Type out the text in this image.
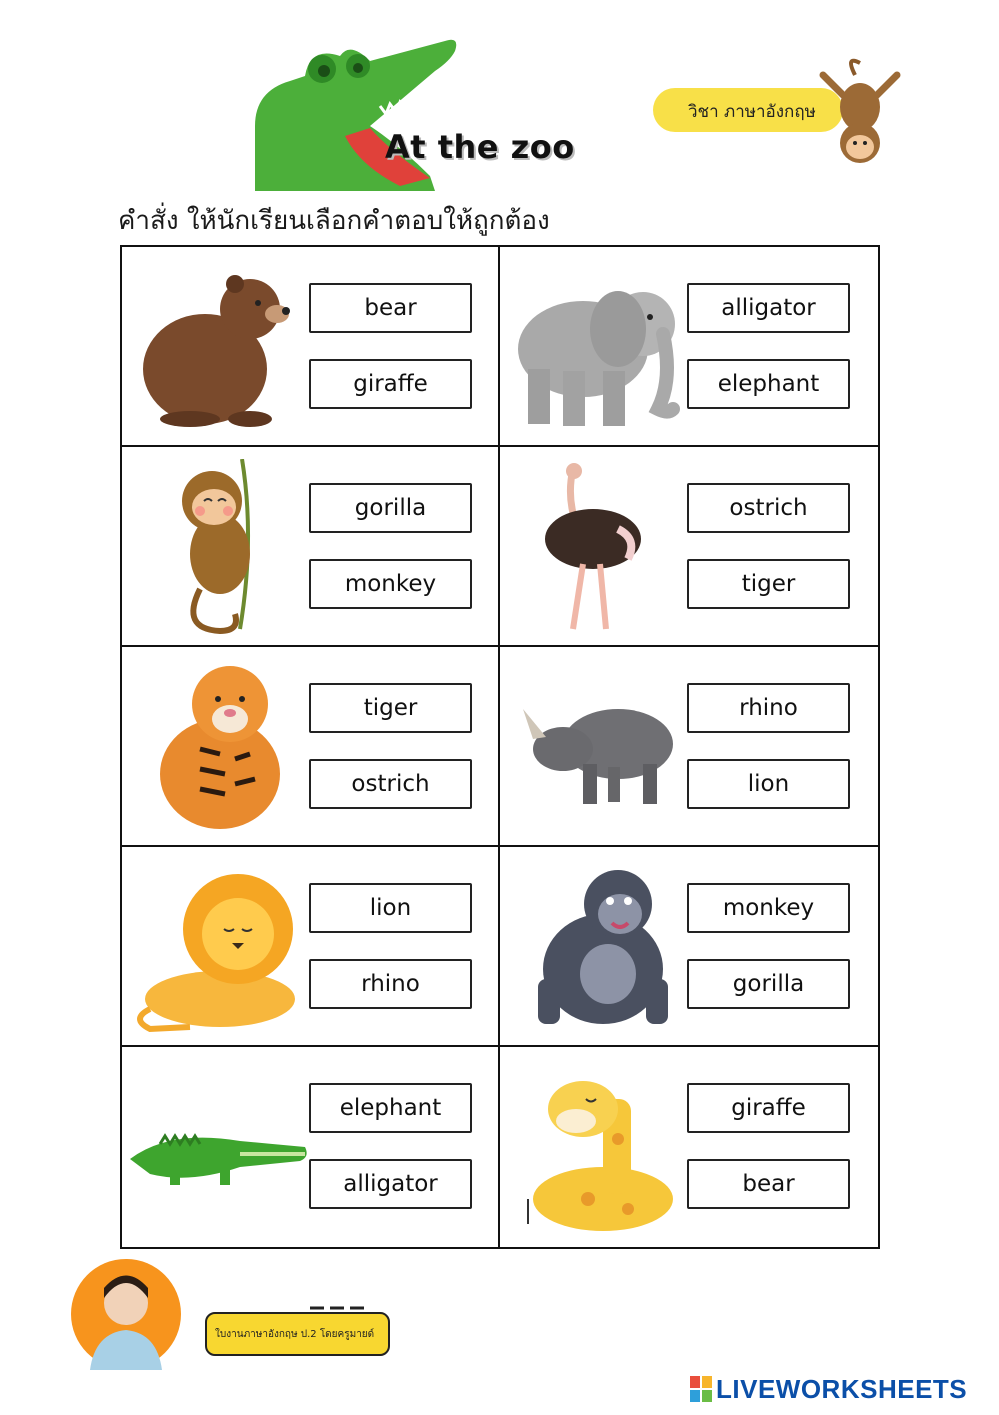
At the zoo
วิชา ภาษาอังกฤษ
คำสั่ง ให้นักเรียนเลือกคำตอบให้ถูกต้อง
bear
giraffe
alligator
elephant
gorilla
monkey
ostrich
tiger
tiger
ostrich
rhino
lion
lion
rhino
monkey
gorilla
elephant
alligator
giraffe
bear
ใบงานภาษาอังกฤษ ป.2 โดยครูมายด์
LIVEWORKSHEETS
